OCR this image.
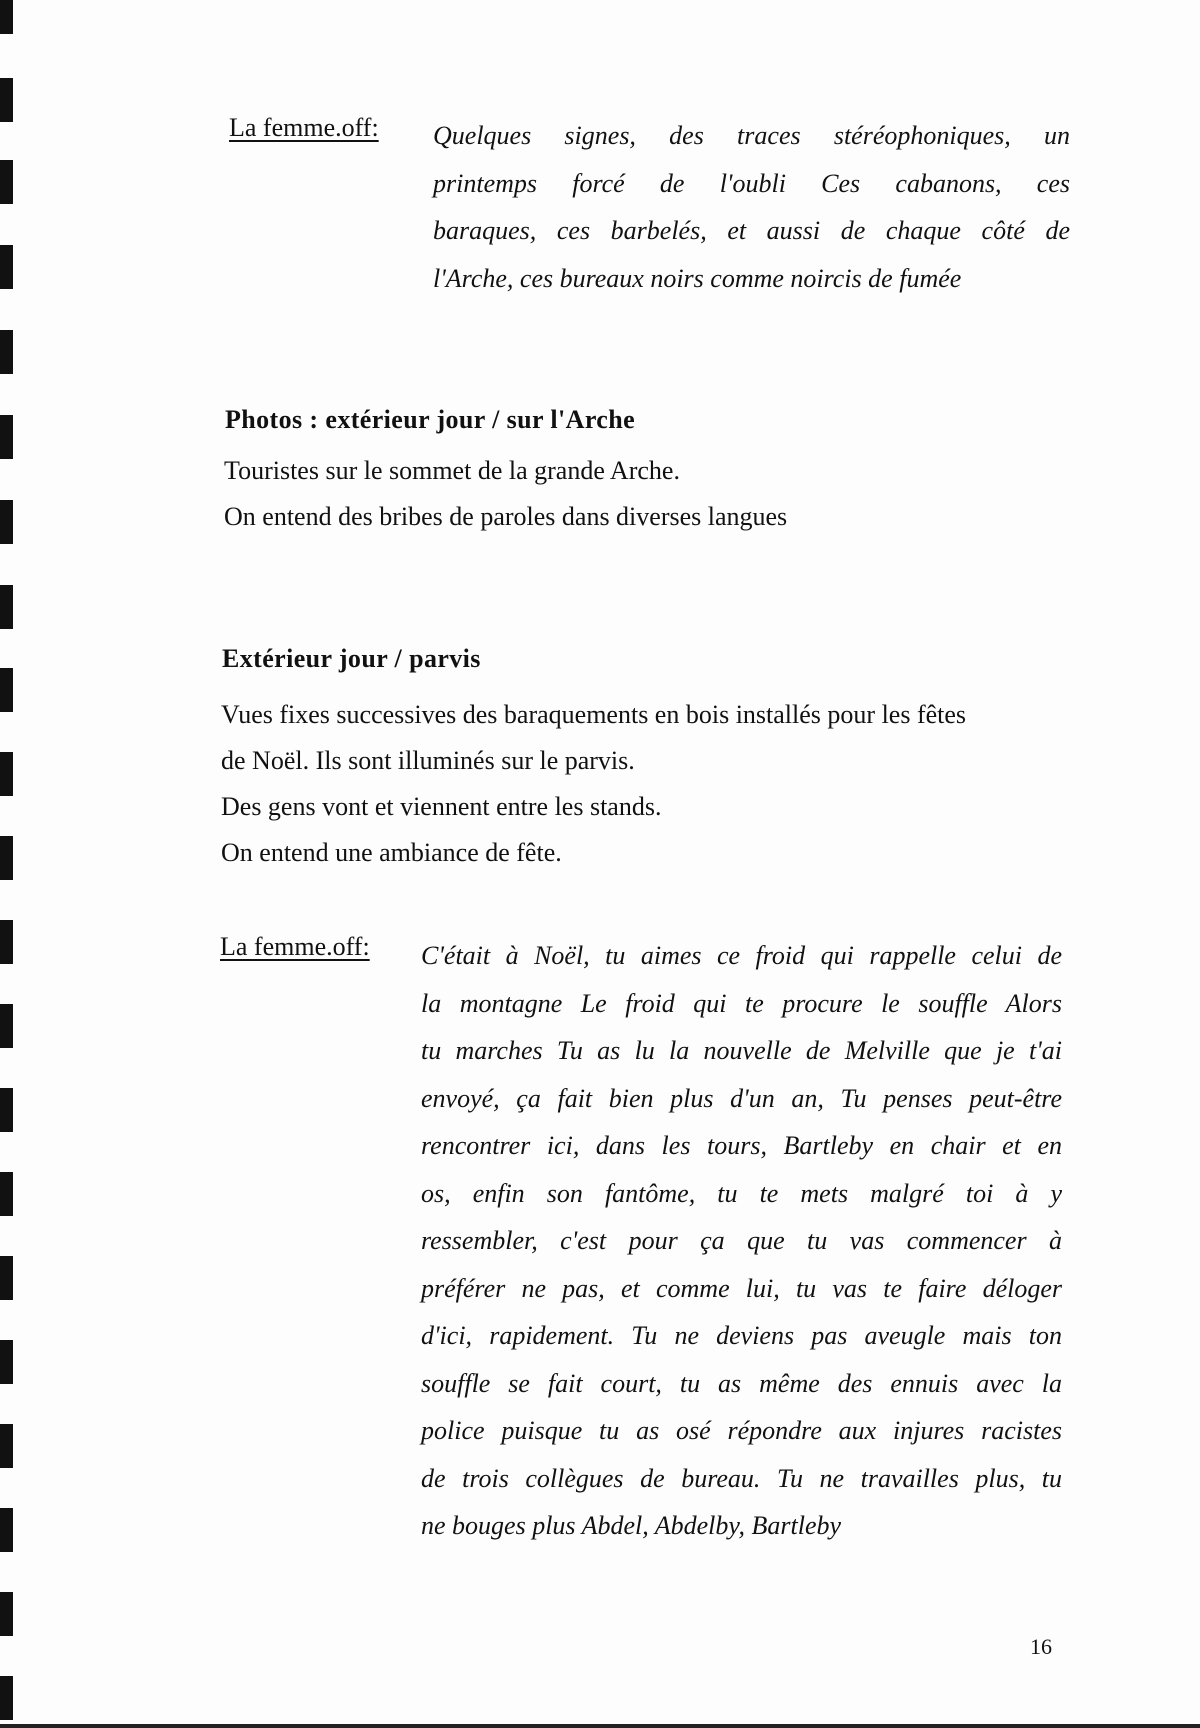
La femme.off: Quelques signes, des traces stéréophoniques, un
printemps forcé de l'oubli Ces cabanons, ces
baraques, ces barbelés, et aussi de chaque côté de
l'Arche, ces bureaux noirs comme noircis de fumée
Photos : extérieur jour / sur l'Arche
Touristes sur le sommet de la grande Arche.
On entend des bribes de paroles dans diverses langues
Extérieur jour / parvis
Vues fixes successives des baraquements en bois installés pour les fêtes
de Noël. Ils sont illuminés sur le parvis.
Des gens vont et viennent entre les stands.
On entend une ambiance de fête.
La femme.off: C'était à Noël, tu aimes ce froid qui rappelle celui de
la montagne Le froid qui te procure le souffle Alors
tu marches Tu as lu la nouvelle de Melville que je t'ai
envoyé, ça fait bien plus d'un an, Tu penses peut-être
rencontrer ici, dans les tours, Bartleby en chair et en
os, enfin son fantôme, tu te mets malgré toi à y
ressembler, c'est pour ça que tu vas commencer à
préférer ne pas, et comme lui, tu vas te faire déloger
d'ici, rapidement. Tu ne deviens pas aveugle mais ton
souffle se fait court, tu as même des ennuis avec la
police puisque tu as osé répondre aux injures racistes
de trois collègues de bureau. Tu ne travailles plus, tu
ne bouges plus Abdel, Abdelby, Bartleby
16
